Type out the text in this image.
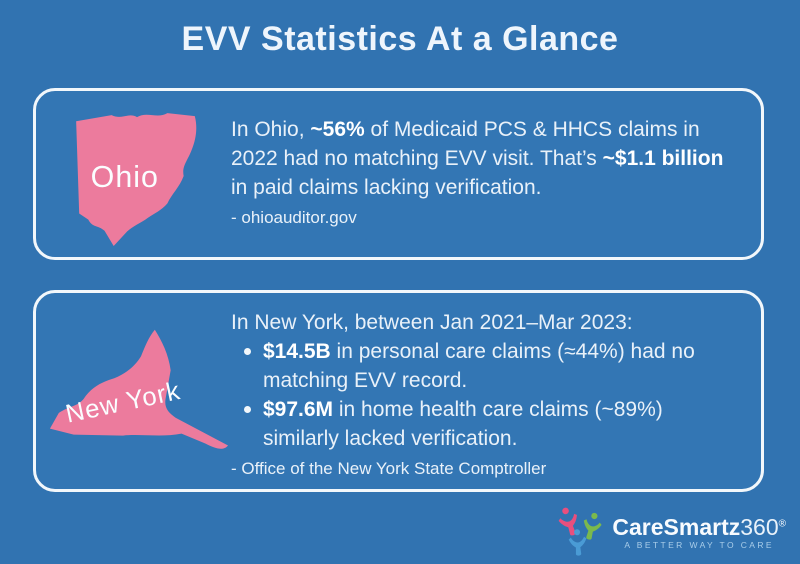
EVV Statistics At a Glance
Ohio

In Ohio, ~56% of Medicaid PCS & HHCS claims in
2022 had no matching EVV visit. That’s ~$1.1 billion
in paid claims lacking verification.

- ohioauditor.gov
New York

In New York, between Jan 2021–Mar 2023:

$14.5B in personal care claims (≈44%) had no
matching EVV record.
$97.6M in home health care claims (~89%)
similarly lacked verification.
- Office of the New York State Comptroller
CareSmartz360®
A BETTER WAY TO CARE
